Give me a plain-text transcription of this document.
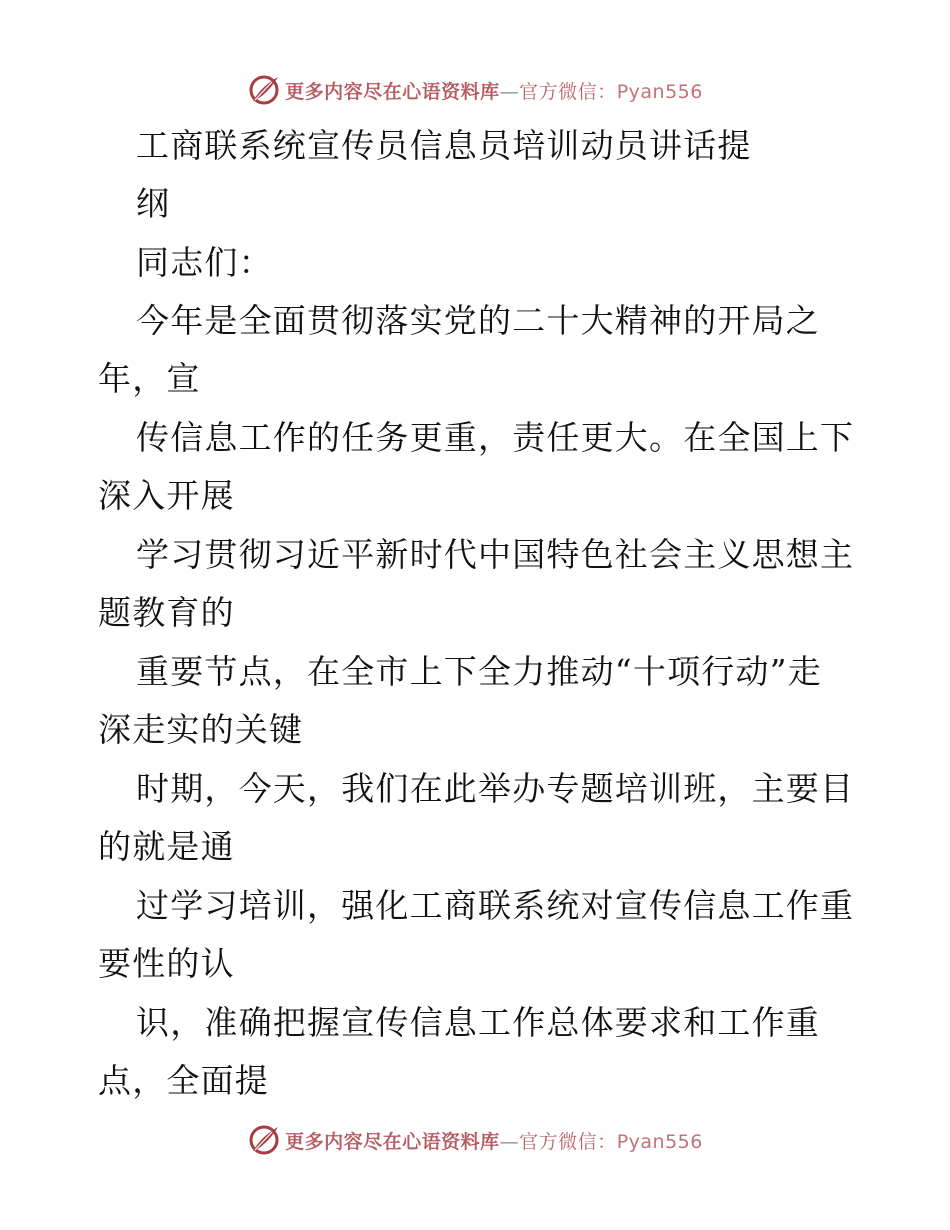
更多内容尽在心语资料库—官方微信：Pyan556
工商联系统宣传员信息员培训动员讲话提
纲
同志们：
今年是全面贯彻落实党的二十大精神的开局之
年，宣
传信息工作的任务更重，责任更大。在全国上下
深入开展
学习贯彻习近平新时代中国特色社会主义思想主
题教育的
重要节点，在全市上下全力推动“十项行动”走
深走实的关键
时期，今天，我们在此举办专题培训班，主要目
的就是通
过学习培训，强化工商联系统对宣传信息工作重
要性的认
识，准确把握宣传信息工作总体要求和工作重
点，全面提
更多内容尽在心语资料库—官方微信：Pyan556
